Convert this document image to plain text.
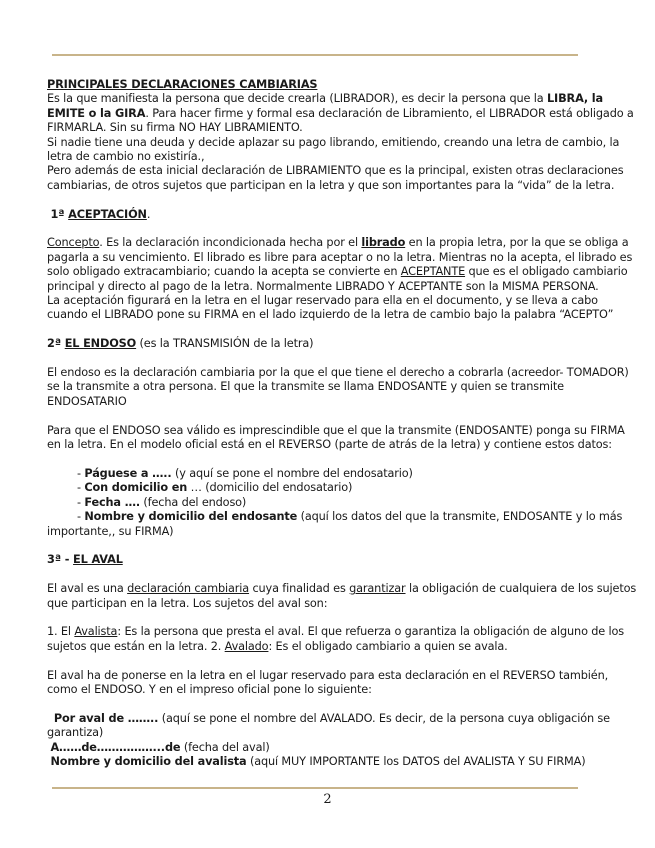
PRINCIPALES DECLARACIONES CAMBIARIAS

Es la que manifiesta la persona que decide crearla (LIBRADOR), es decir la persona que la LIBRA, la EMITE o la GIRA. Para hacer firme y formal esa declaración de Libramiento, el LIBRADOR está obligado a FIRMARLA. Sin su firma NO HAY LIBRAMIENTO.

Si nadie tiene una deuda y decide aplazar su pago librando, emitiendo, creando una letra de cambio, la letra de cambio no existiría.,

Pero además de esta inicial declaración de LIBRAMIENTO que es la principal, existen otras declaraciones cambiarias, de otros sujetos que participan en la letra y que son importantes para la “vida” de la letra.

1ª ACEPTACIÓN.

Concepto. Es la declaración incondicionada hecha por el librado en la propia letra, por la que se obliga a pagarla a su vencimiento. El librado es libre para aceptar o no la letra. Mientras no la acepta, el librado es solo obligado extracambiario; cuando la acepta se convierte en ACEPTANTE que es el obligado cambiario principal y directo al pago de la letra. Normalmente LIBRADO Y ACEPTANTE son la MISMA PERSONA.

La aceptación figurará en la letra en el lugar reservado para ella en el documento, y se lleva a cabo cuando el LIBRADO pone su FIRMA en el lado izquierdo de la letra de cambio bajo la palabra “ACEPTO”

2ª EL ENDOSO (es la TRANSMISIÓN de la letra)

El endoso es la declaración cambiaria por la que el que tiene el derecho a cobrarla (acreedor- TOMADOR) se la transmite a otra persona. El que la transmite se llama ENDOSANTE y quien se transmite ENDOSATARIO

Para que el ENDOSO sea válido es imprescindible que el que la transmite (ENDOSANTE) ponga su FIRMA en la letra. En el modelo oficial está en el REVERSO (parte de atrás de la letra) y contiene estos datos:

- Páguese a ….. (y aquí se pone el nombre del endosatario)

- Con domicilio en … (domicilio del endosatario)

- Fecha …. (fecha del endoso)

- Nombre y domicilio del endosante (aquí los datos del que la transmite, ENDOSANTE y lo más importante,, su FIRMA)

3ª - EL AVAL

El aval es una declaración cambiaria cuya finalidad es garantizar la obligación de cualquiera de los sujetos que participan en la letra. Los sujetos del aval son:

1. El Avalista: Es la persona que presta el aval. El que refuerza o garantiza la obligación de alguno de los sujetos que están en la letra. 2. Avalado: Es el obligado cambiario a quien se avala.

El aval ha de ponerse en la letra en el lugar reservado para esta declaración en el REVERSO también, como el ENDOSO. Y en el impreso oficial pone lo siguiente:

Por aval de …….. (aquí se pone el nombre del AVALADO. Es decir, de la persona cuya obligación se garantiza)

A……de……………...de (fecha del aval)

Nombre y domicilio del avalista (aquí MUY IMPORTANTE los DATOS del AVALISTA Y SU FIRMA)

2
